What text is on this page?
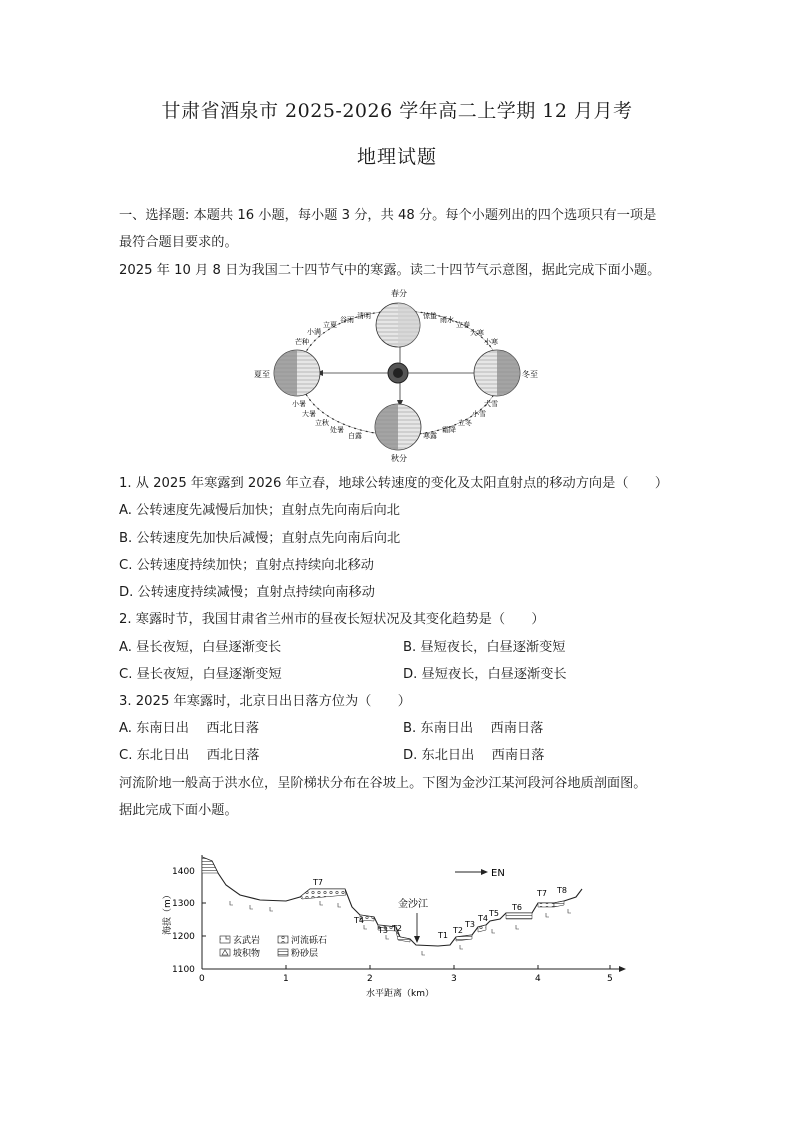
甘肃省酒泉市 2025-2026 学年高二上学期 12 月月考
地理试题
一、选择题: 本题共 16 小题，每小题 3 分，共 48 分。每个小题列出的四个选项只有一项是
最符合题目要求的。
2025 年 10 月 8 日为我国二十四节气中的寒露。读二十四节气示意图，据此完成下面小题。
春分
夏至	冬至
秋分
清明
谷雨
立夏
小满
芒种
惊蛰 雨水
立春
大寒
小寒
小暑
大暑
立秋
处暑
白露	寒露
霜降
立冬
小雪
大雪
1. 从 2025 年寒露到 2026 年立春，地球公转速度的变化及太阳直射点的移动方向是（　　）
A. 公转速度先减慢后加快；直射点先向南后向北
B. 公转速度先加快后减慢；直射点先向南后向北
C. 公转速度持续加快；直射点持续向北移动
D. 公转速度持续减慢；直射点持续向南移动
2. 寒露时节，我国甘肃省兰州市的昼夜长短状况及其变化趋势是（　　）
A. 昼长夜短，白昼逐渐变长	B. 昼短夜长，白昼逐渐变短
C. 昼长夜短，白昼逐渐变短	D. 昼短夜长，白昼逐渐变长
3. 2025 年寒露时，北京日出日落方位为（　　）
A. 东南日出　 西北日落	B. 东南日出　 西南日落
C. 东北日出　 西北日落	D. 东北日出　 西南日落
河流阶地一般高于洪水位，呈阶梯状分布在谷坡上。下图为金沙江某河段河谷地质剖面图。
据此完成下面小题。
1400
1300
1200
1100
0	1	2	3	4	5
海拔（m）
水平距离（km）
EN
金沙江
T7
T4
T3 T2
T1
T2
T3
T4
T5
T6
T7 T8
玄武岩	河流砾石
坡积物	粉砂层
